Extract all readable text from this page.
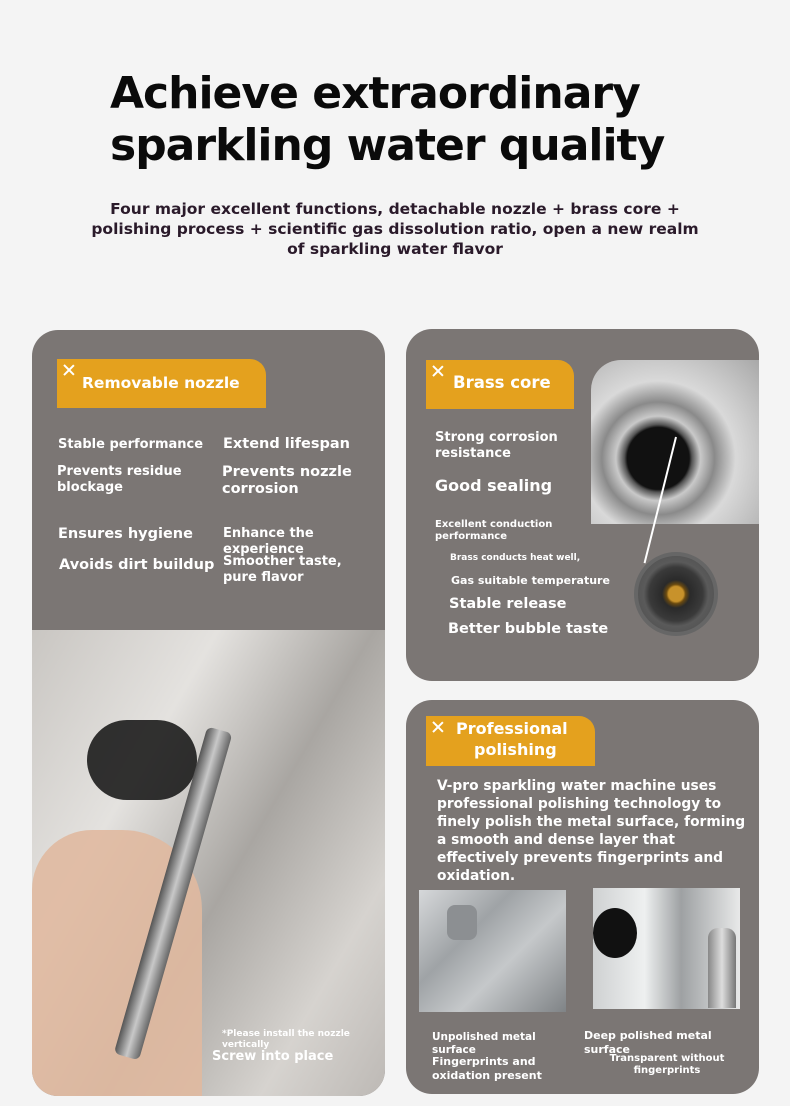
Achieve extraordinary
sparkling water quality
Four major excellent functions, detachable nozzle + brass core +
polishing process + scientific gas dissolution ratio, open a new realm
of sparkling water flavor
Removable nozzle
Stable performance	Extend lifespan
Prevents residue blockage
Prevents nozzle corrosion
Ensures hygiene	Enhance the experience
Avoids dirt buildup Smoother taste, pure flavor
*Please install the nozzle vertically
Screw into place
Brass core
Strong corrosion resistance
Good sealing
Excellent conduction performance
Brass conducts heat well,
Gas suitable temperature
Stable release
Better bubble taste
Professional
polishing
V-pro sparkling water machine uses professional polishing technology to finely polish the metal surface, forming a smooth and dense layer that effectively prevents fingerprints and oxidation.
Unpolished metal surface
Fingerprints and oxidation present
Deep polished metal surface
Transparent without fingerprints
